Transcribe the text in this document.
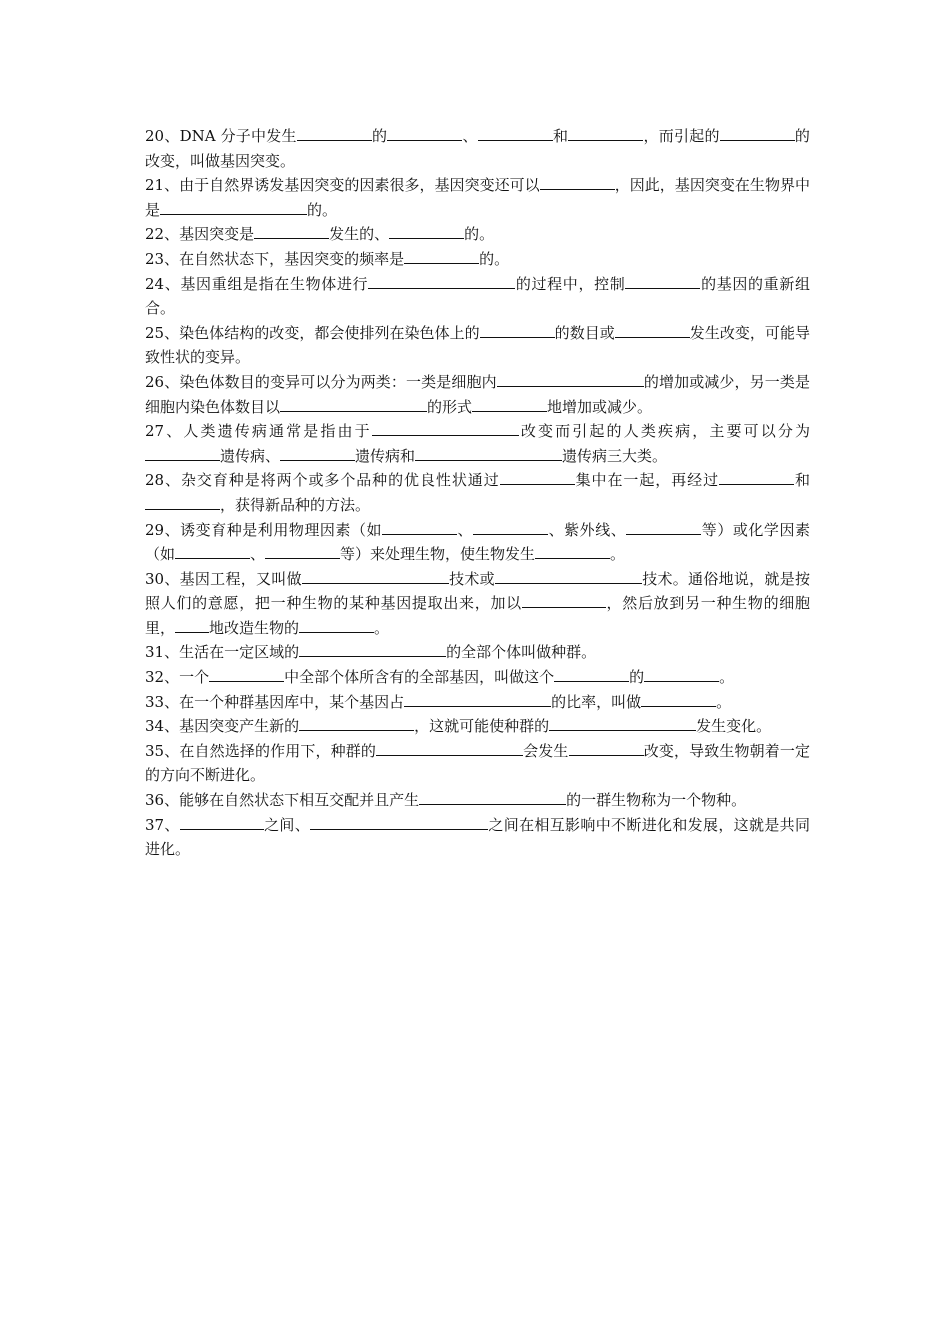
20、DNA 分子中发生	的	、	和	，而引起的	的改变，叫做基因突变。

21、由于自然界诱发基因突变的因素很多，基因突变还可以	，因此，基因突变在生物界中是	的。

22、基因突变是	发生的、	的。

23、在自然状态下，基因突变的频率是	的。

24、基因重组是指在生物体进行	的过程中，控制	的基因的重新组合。

25、染色体结构的改变，都会使排列在染色体上的	的数目或	发生改变，可能导致性状的变异。

26、染色体数目的变异可以分为两类：一类是细胞内	的增加或减少，另一类是细胞内染色体数目以	的形式	地增加或减少。

27、人类遗传病通常是指由于	改变而引起的人类疾病，主要可以分为遗传病、	遗传病和	遗传病三大类。

28、杂交育种是将两个或多个品种的优良性状通过	集中在一起，再经过	和，获得新品种的方法。

29、诱变育种是利用物理因素（如	、	、紫外线、	等）或化学因素（如	、	等）来处理生物，使生物发生	。

30、基因工程，又叫做	技术或	技术。通俗地说，就是按照人们的意愿，把一种生物的某种基因提取出来，加以	，然后放到另一种生物的细胞里， 地改造生物的	。

31、生活在一定区域的	的全部个体叫做种群。

32、一个	中全部个体所含有的全部基因，叫做这个	的	。

33、在一个种群基因库中，某个基因占	的比率，叫做	。

34、基因突变产生新的	，这就可能使种群的	发生变化。

35、在自然选择的作用下，种群的	会发生	改变，导致生物朝着一定的方向不断进化。

36、能够在自然状态下相互交配并且产生	的一群生物称为一个物种。

37、	之间、	之间在相互影响中不断进化和发展，这就是共同进化。
